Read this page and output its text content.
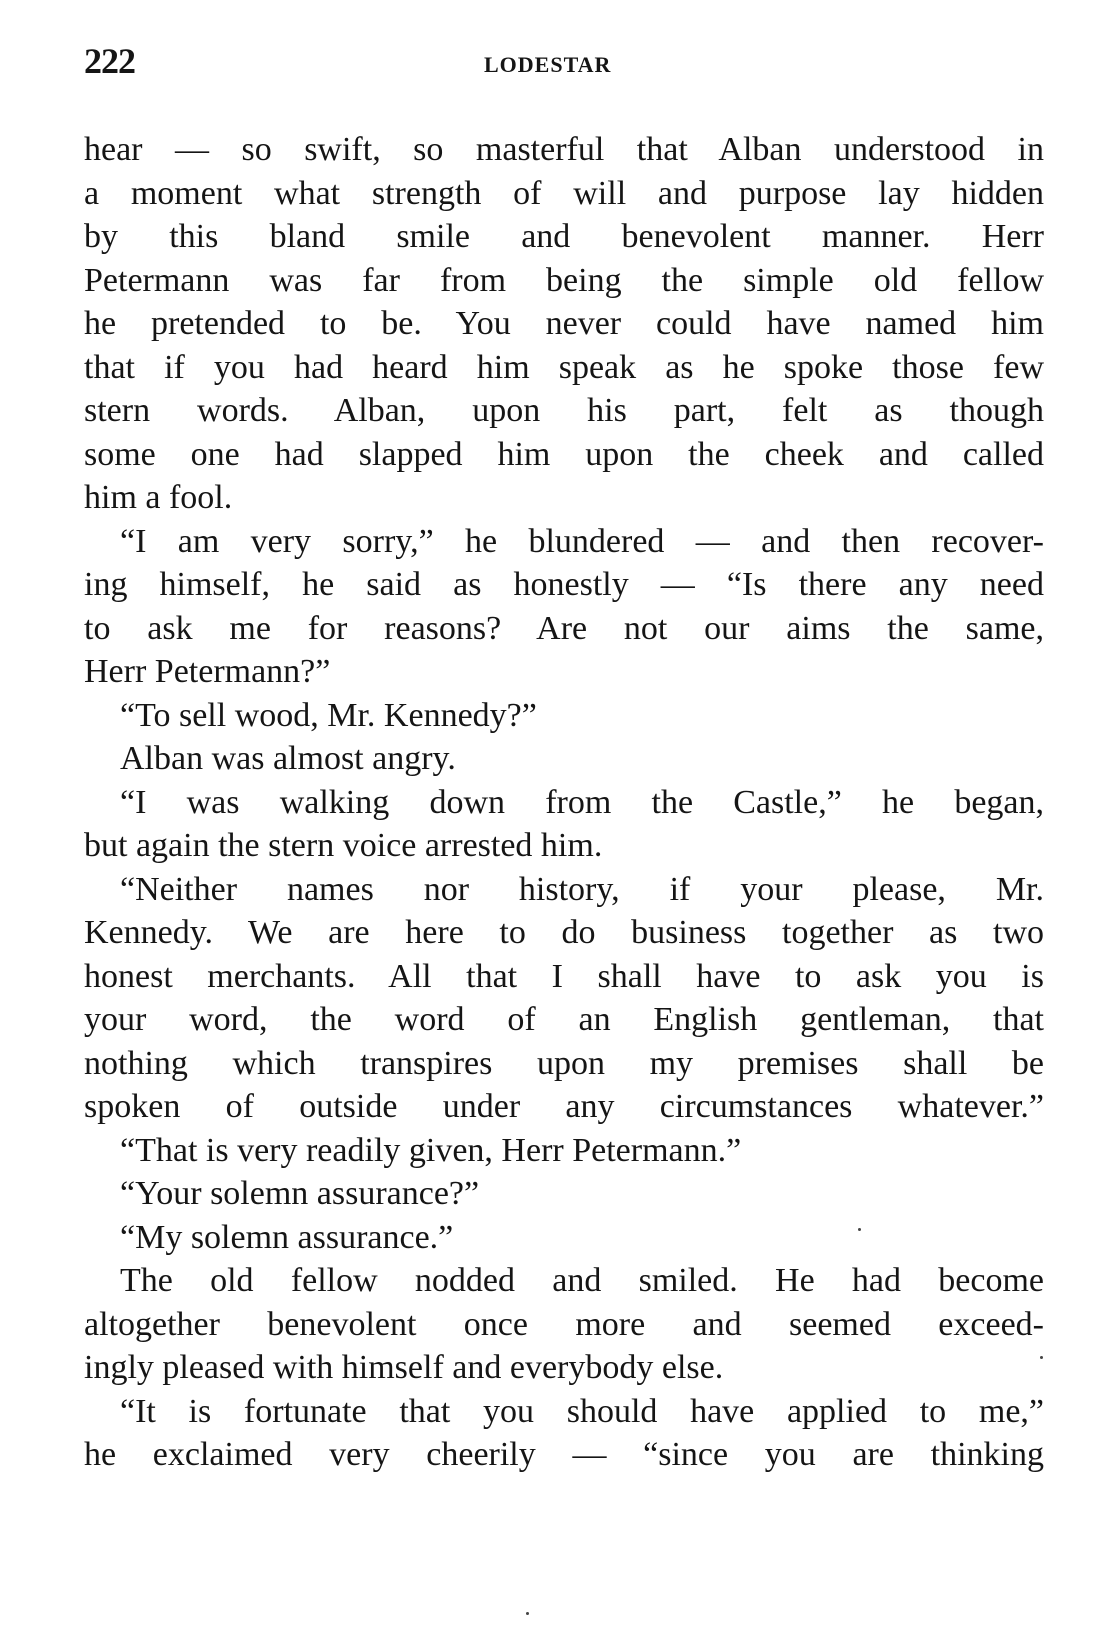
222	LODESTAR
hear — so swift, so masterful that Alban understood in
a moment what strength of will and purpose lay hidden
by this bland smile and benevolent manner. Herr
Petermann was far from being the simple old fellow
he pretended to be. You never could have named him
that if you had heard him speak as he spoke those few
stern words. Alban, upon his part, felt as though
some one had slapped him upon the cheek and called
him a fool.
“I am very sorry,” he blundered — and then recover-
ing himself, he said as honestly — “Is there any need
to ask me for reasons? Are not our aims the same,
Herr Petermann?”
“To sell wood, Mr. Kennedy?”
Alban was almost angry.
“I was walking down from the Castle,” he began,
but again the stern voice arrested him.
“Neither names nor history, if your please, Mr.
Kennedy. We are here to do business together as two
honest merchants. All that I shall have to ask you is
your word, the word of an English gentleman, that
nothing which transpires upon my premises shall be
spoken of outside under any circumstances whatever.”
“That is very readily given, Herr Petermann.”
“Your solemn assurance?”
“My solemn assurance.”
The old fellow nodded and smiled. He had become
altogether benevolent once more and seemed exceed-
ingly pleased with himself and everybody else.
“It is fortunate that you should have applied to me,”
he exclaimed very cheerily — “since you are thinking
